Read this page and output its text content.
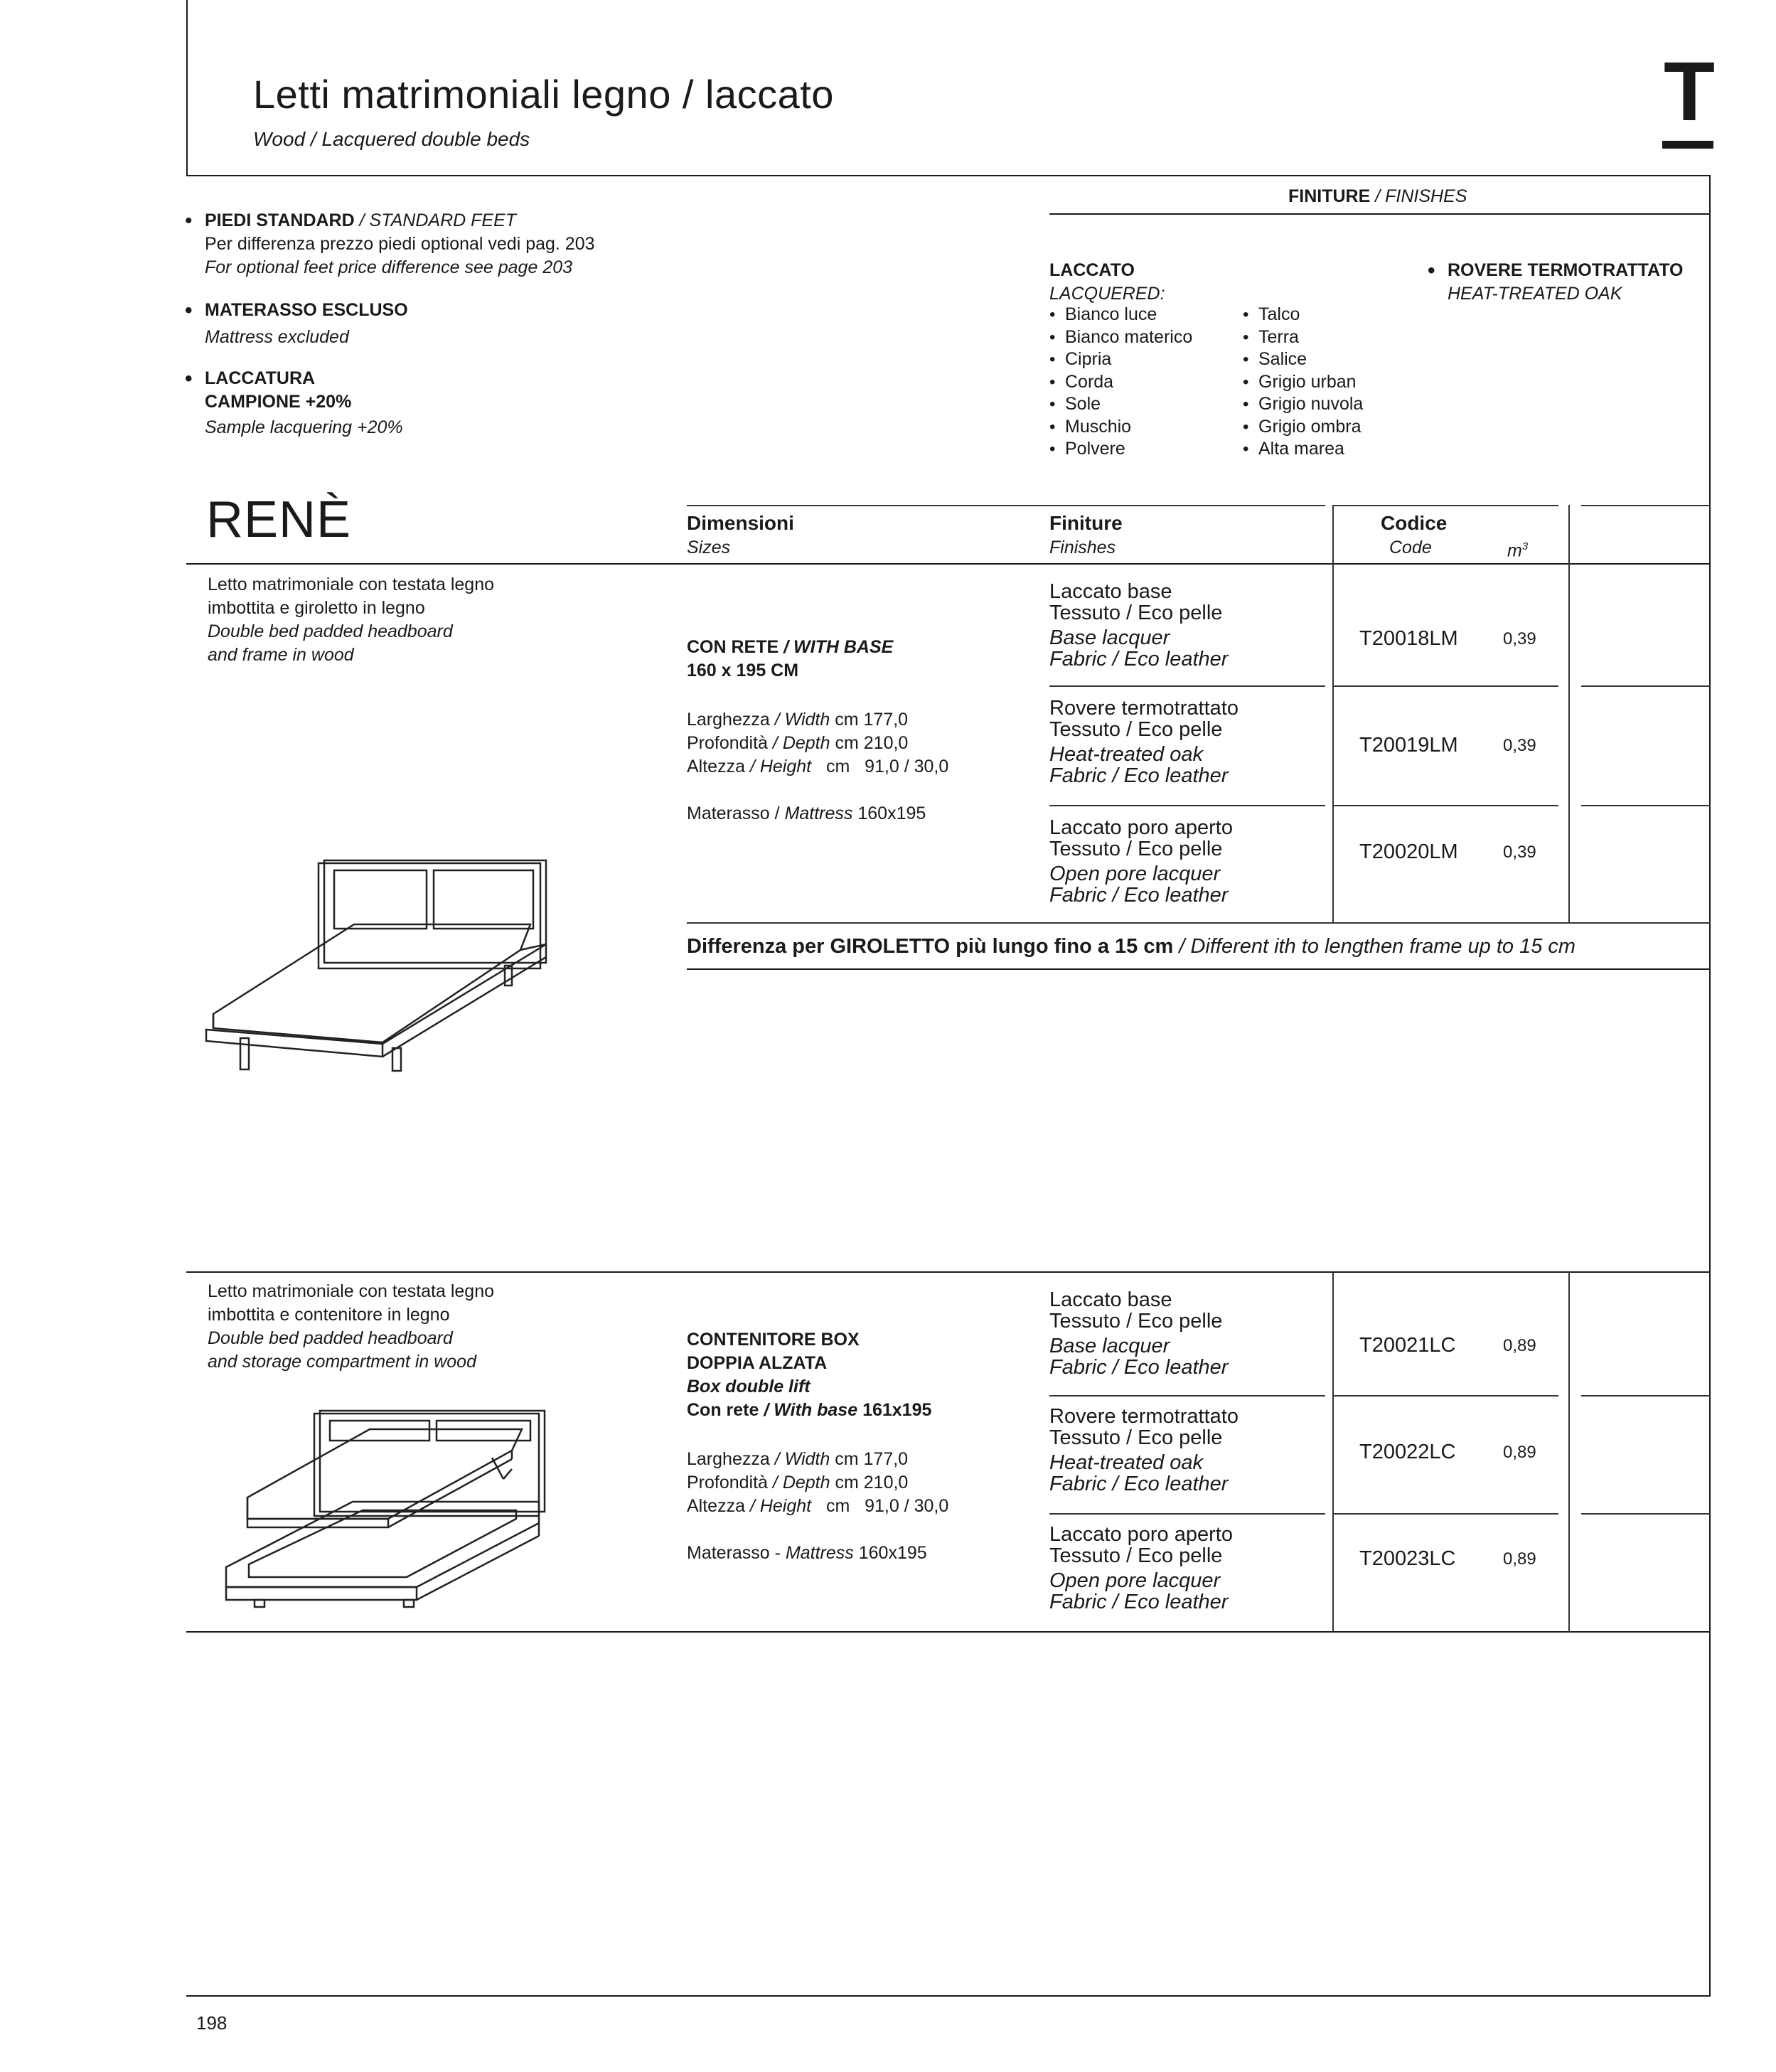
Letti matrimoniali legno / laccato
Wood / Lacquered double beds
T
• PIEDI STANDARD / STANDARD FEET
Per differenza prezzo piedi optional vedi pag. 203
For optional feet price difference see page 203
• MATERASSO ESCLUSO
Mattress excluded
• LACCATURA
CAMPIONE +20%
Sample lacquering +20%
FINITURE / FINISHES
LACCATO
LACQUERED:
• Bianco luce
• Bianco materico
• Cipria
• Corda
• Sole
• Muschio
• Polvere
• Talco
• Terra
• Salice
• Grigio urban
• Grigio nuvola
• Grigio ombra
• Alta marea
• ROVERE TERMOTRATTATO
HEAT-TREATED OAK
RENÈ	Dimensioni
Sizes
Finiture
Finishes
Codice
Code	$m^3$
Letto matrimoniale con testata legno
imbottita e giroletto in legno
Double bed padded headboard
and frame in wood	CON RETE / WITH BASE
160 x 195 CM
Larghezza / Width cm 177,0
Profondità / Depth cm 210,0
Altezza / Height cm   91,0 / 30,0
Materasso / Mattress 160x195
Laccato base
Tessuto / Eco pelle
Base lacquer
Fabric / Eco leather
T20018LM	0,39
Rovere termotrattato
Tessuto / Eco pelle
Heat-treated oak
Fabric / Eco leather
T20019LM	0,39
Laccato poro aperto
Tessuto / Eco pelle
Open pore lacquer
Fabric / Eco leather
T20020LM	0,39
Differenza per GIROLETTO più lungo fino a 15 cm / Different ith to lengthen frame up to 15 cm
Letto matrimoniale con testata legno
imbottita e contenitore in legno
Double bed padded headboard
and storage compartment in wood
CONTENITORE BOX
DOPPIA ALZATA
Box double lift
Con rete / With base 161x195
Larghezza / Width cm 177,0
Profondità / Depth cm 210,0
Altezza / Height cm   91,0 / 30,0
Materasso - Mattress 160x195
Laccato base
Tessuto / Eco pelle
Base lacquer
Fabric / Eco leather
T20021LC	0,89
Rovere termotrattato
Tessuto / Eco pelle
Heat-treated oak
Fabric / Eco leather
T20022LC	0,89
Laccato poro aperto
Tessuto / Eco pelle
Open pore lacquer
Fabric / Eco leather
T20023LC	0,89
198
